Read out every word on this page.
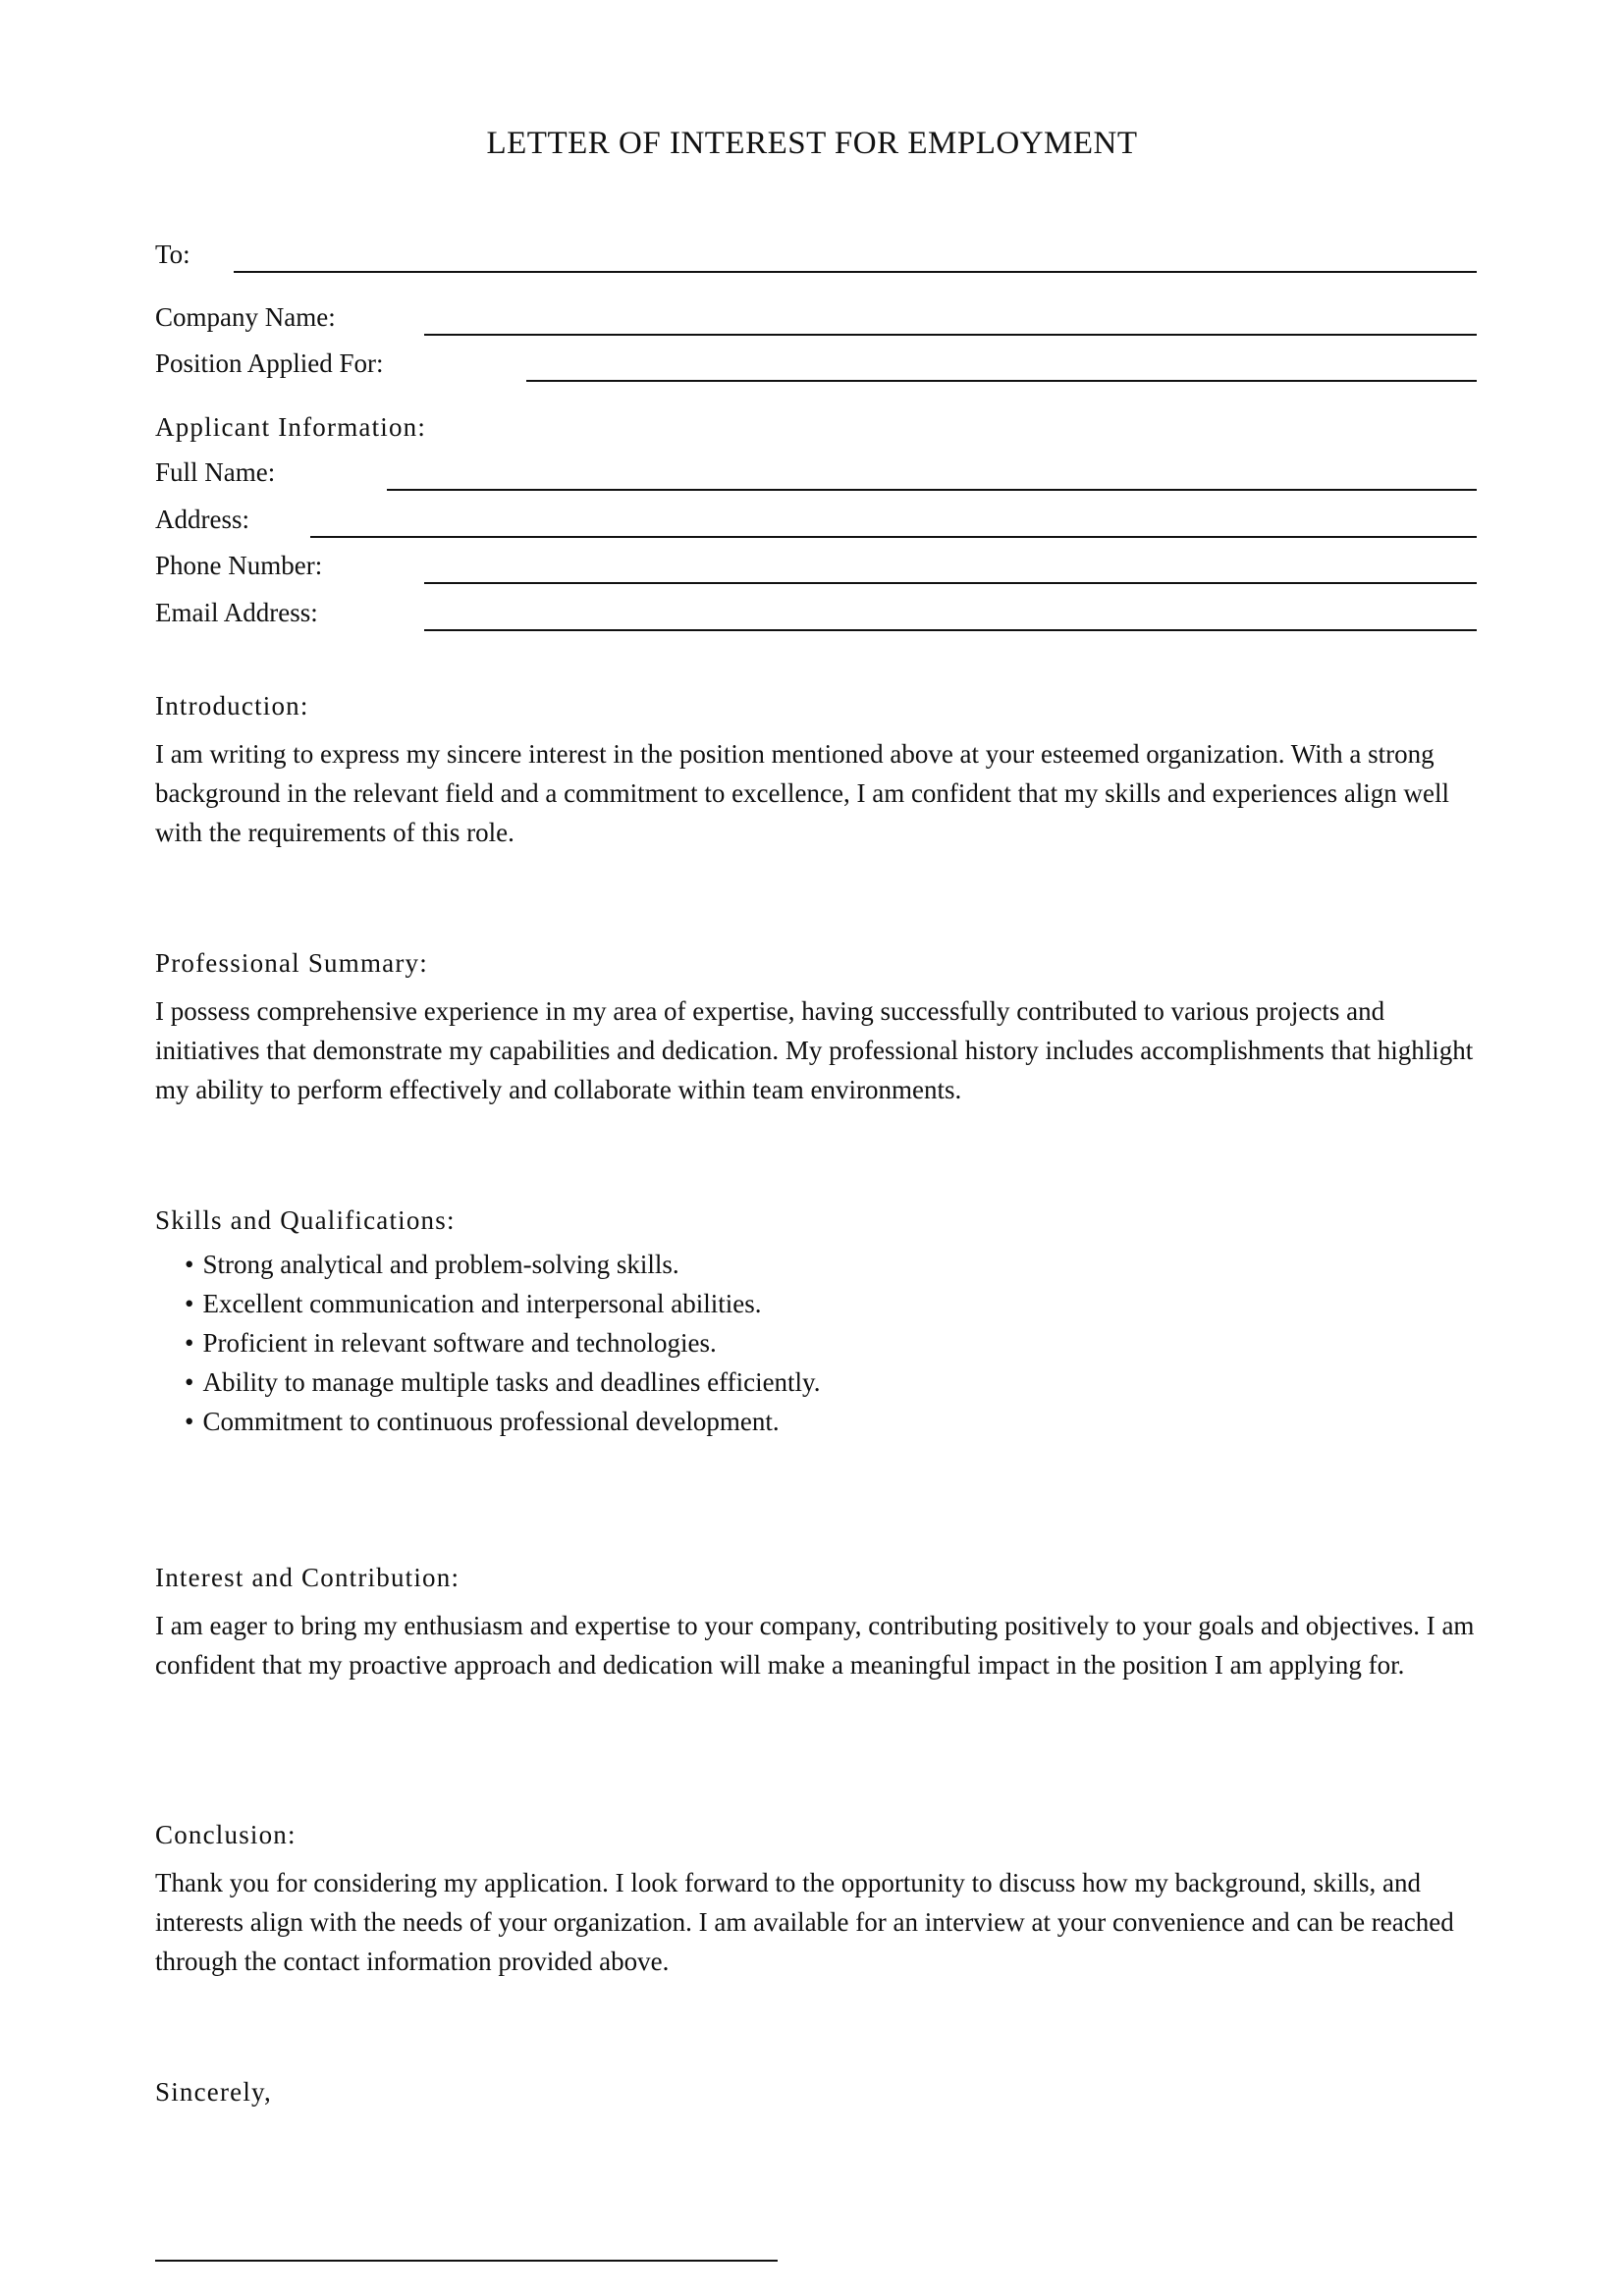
LETTER OF INTEREST FOR EMPLOYMENT
To:
Company Name:
Position Applied For:
Applicant Information:
Full Name:
Address:
Phone Number:
Email Address:
Introduction:

I am writing to express my sincere interest in the position mentioned above at your esteemed organization. With a strong background in the relevant field and a commitment to excellence, I am confident that my skills and experiences align well with the requirements of this role.

Professional Summary:

I possess comprehensive experience in my area of expertise, having successfully contributed to various projects and initiatives that demonstrate my capabilities and dedication. My professional history includes accomplishments that highlight my ability to perform effectively and collaborate within team environments.

Skills and Qualifications:
• Strong analytical and problem-solving skills.
• Excellent communication and interpersonal abilities.
• Proficient in relevant software and technologies.
• Ability to manage multiple tasks and deadlines efficiently.
• Commitment to continuous professional development.
Interest and Contribution:

I am eager to bring my enthusiasm and expertise to your company, contributing positively to your goals and objectives. I am confident that my proactive approach and dedication will make a meaningful impact in the position I am applying for.

Conclusion:

Thank you for considering my application. I look forward to the opportunity to discuss how my background, skills, and interests align with the needs of your organization. I am available for an interview at your convenience and can be reached through the contact information provided above.

Sincerely,
